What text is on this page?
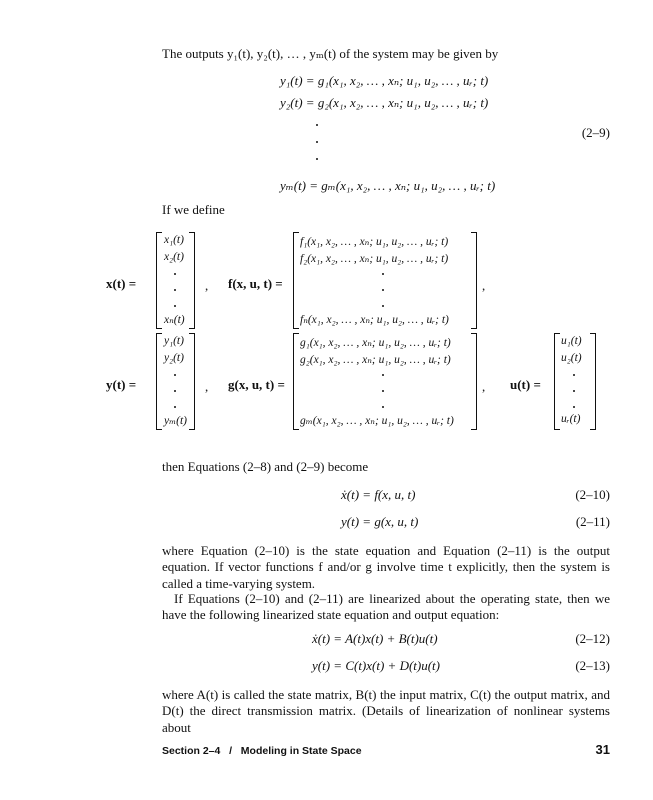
The outputs y₁(t), y₂(t), … , yₘ(t) of the system may be given by
y₁(t) = g₁(x₁, x₂, … , xₙ; u₁, u₂, … , uᵣ; t)
y₂(t) = g₂(x₁, x₂, … , xₙ; u₁, u₂, … , uᵣ; t)
(2–9)
yₘ(t) = gₘ(x₁, x₂, … , xₙ; u₁, u₂, … , uᵣ; t)
If we define
x(t) =
x₁(t)
x₂(t)
xₙ(t)
, f(x, u, t) =
f₁(x₁, x₂, … , xₙ; u₁, u₂, … , uᵣ; t)
f₂(x₁, x₂, … , xₙ; u₁, u₂, … , uᵣ; t)
fₙ(x₁, x₂, … , xₙ; u₁, u₂, … , uᵣ; t)
,
y(t) =
y₁(t)
y₂(t)
yₘ(t)
, g(x, u, t) =
g₁(x₁, x₂, … , xₙ; u₁, u₂, … , uᵣ; t)
g₂(x₁, x₂, … , xₙ; u₁, u₂, … , uᵣ; t)
gₘ(x₁, x₂, … , xₙ; u₁, u₂, … , uᵣ; t)
, u(t) =
u₁(t)
u₂(t)
uᵣ(t)
then Equations (2–8) and (2–9) become
ẋ(t) = f(x, u, t)	(2–10)
y(t) = g(x, u, t)	(2–11)
where Equation (2–10) is the state equation and Equation (2–11) is the output equation. If vector functions f and/or g involve time t explicitly, then the system is called a time-varying system.
If Equations (2–10) and (2–11) are linearized about the operating state, then we have the following linearized state equation and output equation:
ẋ(t) = A(t)x(t) + B(t)u(t)	(2–12)
y(t) = C(t)x(t) + D(t)u(t)	(2–13)
where A(t) is called the state matrix, B(t) the input matrix, C(t) the output matrix, and D(t) the direct transmission matrix. (Details of linearization of nonlinear systems about
Section 2–4   /   Modeling in State Space	31
